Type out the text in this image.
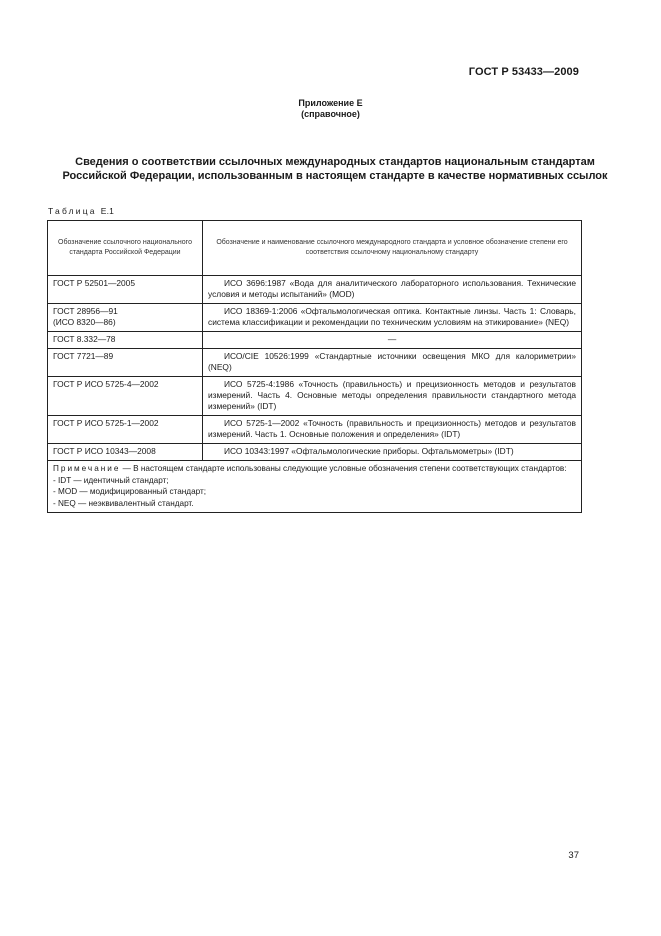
ГОСТ Р 53433—2009
Приложение Е
(справочное)
Сведения о соответствии ссылочных международных стандартов национальным стандартам Российской Федерации, использованным в настоящем стандарте в качестве нормативных ссылок
Таблица Е.1
Обозначение ссылочного национального стандарта Российской Федерации	Обозначение и наименование ссылочного международного стандарта и условное обозначение степени его соответствия ссылочному национальному стандарту

ГОСТ Р 52501—2005	ИСО 3696:1987 «Вода для аналитического лабораторного использования. Технические условия и методы испытаний» (MOD)

ГОСТ 28956—91
(ИСО 8320—86)	ИСО 18369-1:2006 «Офтальмологическая оптика. Контактные линзы. Часть 1: Словарь, система классификации и рекомендации по техническим условиям на этикирование» (NEQ)

ГОСТ 8.332—78	—

ГОСТ 7721—89	ИСО/CIE 10526:1999 «Стандартные источники освещения МКО для калориметрии» (NEQ)

ГОСТ Р ИСО 5725-4—2002	ИСО 5725-4:1986 «Точность (правильность) и прецизионность методов и результатов измерений. Часть 4. Основные методы определения правильности стандартного метода измерений» (IDT)

ГОСТ Р ИСО 5725-1—2002	ИСО 5725-1—2002 «Точность (правильность и прецизионность) методов и результатов измерений. Часть 1. Основные положения и определения» (IDT)

ГОСТ Р ИСО 10343—2008	ИСО 10343:1997 «Офтальмологические приборы. Офтальмометры» (IDT)

Примечание — В настоящем стандарте использованы следующие условные обозначения степени соответствующих стандартов:
- IDT — идентичный стандарт;
- MOD — модифицированный стандарт;
- NEQ — неэквивалентный стандарт.	
37
